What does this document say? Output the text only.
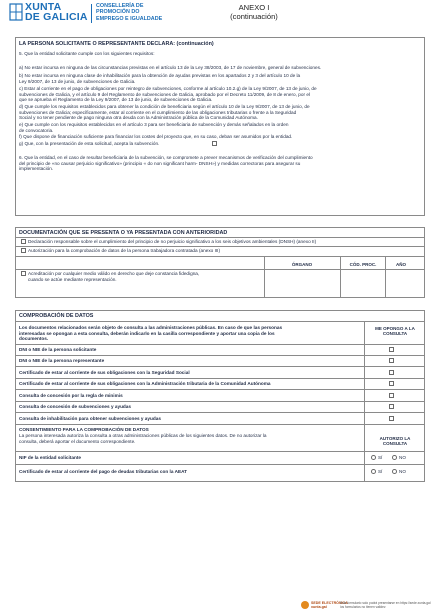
XUNTA
DE GALICIA
CONSELLERÍA DE
PROMOCIÓN DO
EMPREGO E IGUALDADE
ANEXO I
(continuación)
LA PERSONA SOLICITANTE O REPRESENTANTE DECLARA: (continuación)
5. Que la entidad solicitante cumple con los siguientes requisitos:
a) No estar incursa en ninguna de las circunstancias previstas en el artículo 13 de la Ley 38/2003, de 17 de noviembre, general de subvenciones.
b) No estar incursa en ninguna clase de inhabilitación para la obtención de ayudas previstas en los apartados 2 y 3 del artículo 10 de la
Ley 9/2007, de 13 de junio, de subvenciones de Galicia.
c) Estar al corriente en el pago de obligaciones por reintegro de subvenciones, conforme al artículo 10.2.g) de la Ley 9/2007, de 13 de junio, de
subvenciones de Galicia, y el artículo 9 del Reglamento de subvenciones de Galicia, aprobado por el Decreto 11/2009, de 8 de enero, por el
que se aprueba el Reglamento de la Ley 9/2007, de 13 de junio, de subvenciones de Galicia.
d) Que cumple los requisitos establecidos para obtener la condición de beneficiaria según el artículo 10 de la Ley 9/2007, de 13 de junio, de
subvenciones de Galicia; específicamente, estar al corriente en el cumplimiento de las obligaciones tributarias o frente a la Seguridad
Social y no tener pendiente de pago ninguna otra deuda con la Administración pública de la Comunidad Autónoma.
e) Que cumple con los requisitos establecidos en el artículo 3 para ser beneficiaria de subvención y demás señalados en la orden
de convocatoria.
f) Que dispone de financiación suficiente para financiar los costes del proyecto que, en su caso, deban ser asumidos por la entidad.
g) Que, con la presentación de esta solicitud, acepta la subvención.
6. Que la entidad, en el caso de resultar beneficiaria de la subvención, se compromete a prever mecanismos de verificación del cumplimiento
del principio de «no causar perjuicio significativo» (principio « do non significant harm- DNSH») y medidas correctoras para asegurar su
implementación.
DOCUMENTACIÓN QUE SE PRESENTA O YA PRESENTADA CON ANTERIORIDAD
Declaración responsable sobre el cumplimiento del principio de no perjuicio significativo a los seis objetivos ambientales (DNSH) (anexo II)
Autorización para la comprobación de datos de la persona trabajadora contratada (anexo III)
ÓRGANO	CÓD. PROC.	AÑO
Acreditación por cualquier medio válido en derecho que deje constancia fidedigna,
cuando se actúe mediante representación.
COMPROBACIÓN DE DATOS
Los documentos relacionados serán objeto de consulta a las administraciones públicas. En caso de que las personas
interesadas se opongan a esta consulta, deberán indicarlo en la casilla correspondiente y aportar una copia de los
documentos.
ME OPONGO A LA
CONSULTA
DNI o NIE de la persona solicitante
DNI o NIE de la persona representante
Certificado de estar al corriente de sus obligaciones con la Seguridad Social
Certificado de estar al corriente de sus obligaciones con la Administración tributaria de la Comunidad Autónoma
Consulta de concesión por la regla de minimis
Consulta de concesión de subvenciones y ayudas
Consulta de inhabilitación para obtener subvenciones y ayudas
CONSENTIMIENTO PARA LA COMPROBACIÓN DE DATOS
La persona interesada autoriza la consulta a otras administraciones públicas de los siguientes datos. De no autorizar la
consulta, deberá aportar el documento correspondiente.
AUTORIZO LA
CONSULTA
NIF de la entidad solicitante	SÍ	NO
Certificado de estar al corriente del pago de deudas tributarias con la AEAT	SÍ	NO
SEDE ELECTRÓNICA
xunta.gal
Este formulario solo podrá presentarse en https://sede.xunta.gal los formularios no tienen validez
